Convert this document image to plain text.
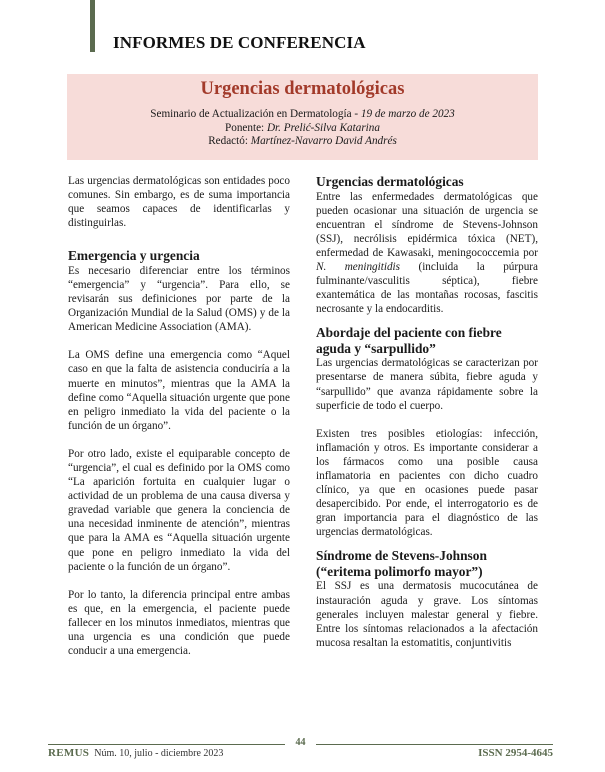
INFORMES DE CONFERENCIA
Urgencias dermatológicas
Seminario de Actualización en Dermatología - 19 de marzo de 2023
Ponente: Dr. Prelić-Silva Katarina
Redactó: Martínez-Navarro David Andrés

Las urgencias dermatológicas son entidades poco comunes. Sin embargo, es de suma importancia que seamos capaces de identificarlas y distinguirlas.

Emergencia y urgencia

Es necesario diferenciar entre los términos “emergencia” y “urgencia”. Para ello, se revisarán sus definiciones por parte de la Organización Mundial de la Salud (OMS) y de la American Medicine Association (AMA).

La OMS define una emergencia como “Aquel caso en que la falta de asistencia conduciría a la muerte en minutos”, mientras que la AMA la define como “Aquella situación urgente que pone en peligro inmediato la vida del paciente o la función de un órgano”.

Por otro lado, existe el equiparable concepto de “urgencia”, el cual es definido por la OMS como “La aparición fortuita en cualquier lugar o actividad de un problema de una causa diversa y gravedad variable que genera la conciencia de una necesidad inminente de atención”, mientras que para la AMA es “Aquella situación urgente que pone en peligro inmediato la vida del paciente o la función de un órgano”.

Por lo tanto, la diferencia principal entre ambas es que, en la emergencia, el paciente puede fallecer en los minutos inmediatos, mientras que una urgencia es una condición que puede conducir a una emergencia.

Urgencias dermatológicas

Entre las enfermedades dermatológicas que pueden ocasionar una situación de urgencia se encuentran el síndrome de Stevens-Johnson (SSJ), necrólisis epidérmica tóxica (NET), enfermedad de Kawasaki, meningococcemia por N. meningitidis (incluida la púrpura fulminante/vasculitis séptica), fiebre exantemática de las montañas rocosas, fascitis necrosante y la endocarditis.

Abordaje del paciente con fiebre aguda y “sarpullido”

Las urgencias dermatológicas se caracterizan por presentarse de manera súbita, fiebre aguda y “sarpullido” que avanza rápidamente sobre la superficie de todo el cuerpo.

Existen tres posibles etiologías: infección, inflamación y otros. Es importante considerar a los fármacos como una posible causa inflamatoria en pacientes con dicho cuadro clínico, ya que en ocasiones puede pasar desapercibido. Por ende, el interrogatorio es de gran importancia para el diagnóstico de las urgencias dermatológicas.

Síndrome de Stevens-Johnson (“eritema polimorfo mayor”)

El SSJ es una dermatosis mucocutánea de instauración aguda y grave. Los síntomas generales incluyen malestar general y fiebre. Entre los síntomas relacionados a la afectación mucosa resaltan la estomatitis, conjuntivitis

44
REMUS Núm. 10, julio - diciembre 2023	ISSN 2954-4645
